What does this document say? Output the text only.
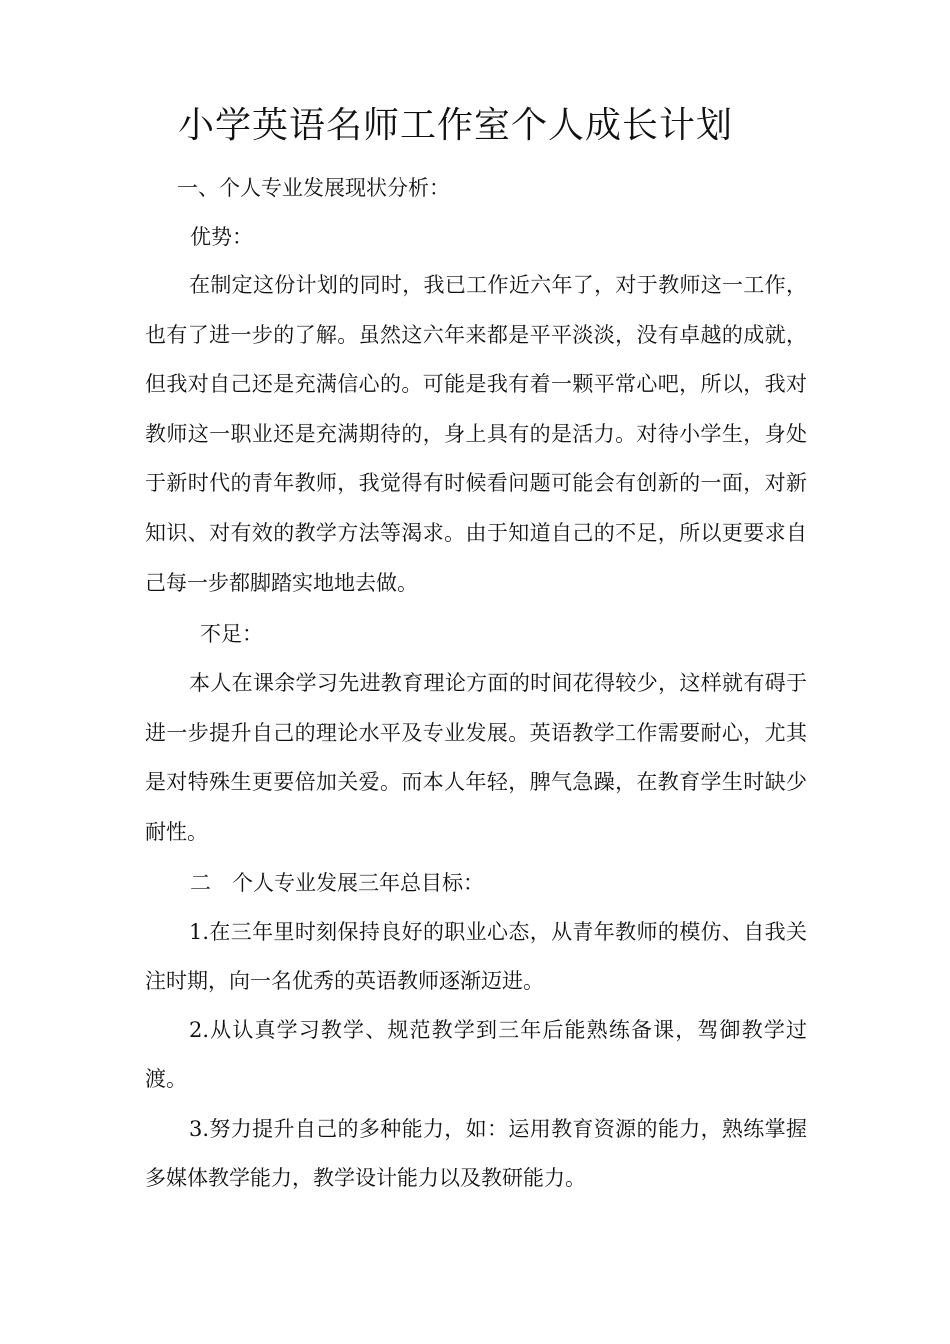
小学英语名师工作室个人成长计划
一、个人专业发展现状分析：
优势：
在制定这份计划的同时，我已工作近六年了，对于教师这一工作，也有了进一步的了解。虽然这六年来都是平平淡淡，没有卓越的成就，但我对自己还是充满信心的。可能是我有着一颗平常心吧，所以，我对教师这一职业还是充满期待的，身上具有的是活力。对待小学生，身处于新时代的青年教师，我觉得有时候看问题可能会有创新的一面，对新知识、对有效的教学方法等渴求。由于知道自己的不足，所以更要求自己每一步都脚踏实地地去做。
不足：
本人在课余学习先进教育理论方面的时间花得较少，这样就有碍于进一步提升自己的理论水平及专业发展。英语教学工作需要耐心，尤其是对特殊生更要倍加关爱。而本人年轻，脾气急躁，在教育学生时缺少耐性。
二　个人专业发展三年总目标：
1.在三年里时刻保持良好的职业心态，从青年教师的模仿、自我关注时期，向一名优秀的英语教师逐渐迈进。
2.从认真学习教学、规范教学到三年后能熟练备课，驾御教学过渡。
3.努力提升自己的多种能力，如：运用教育资源的能力，熟练掌握多媒体教学能力，教学设计能力以及教研能力。
